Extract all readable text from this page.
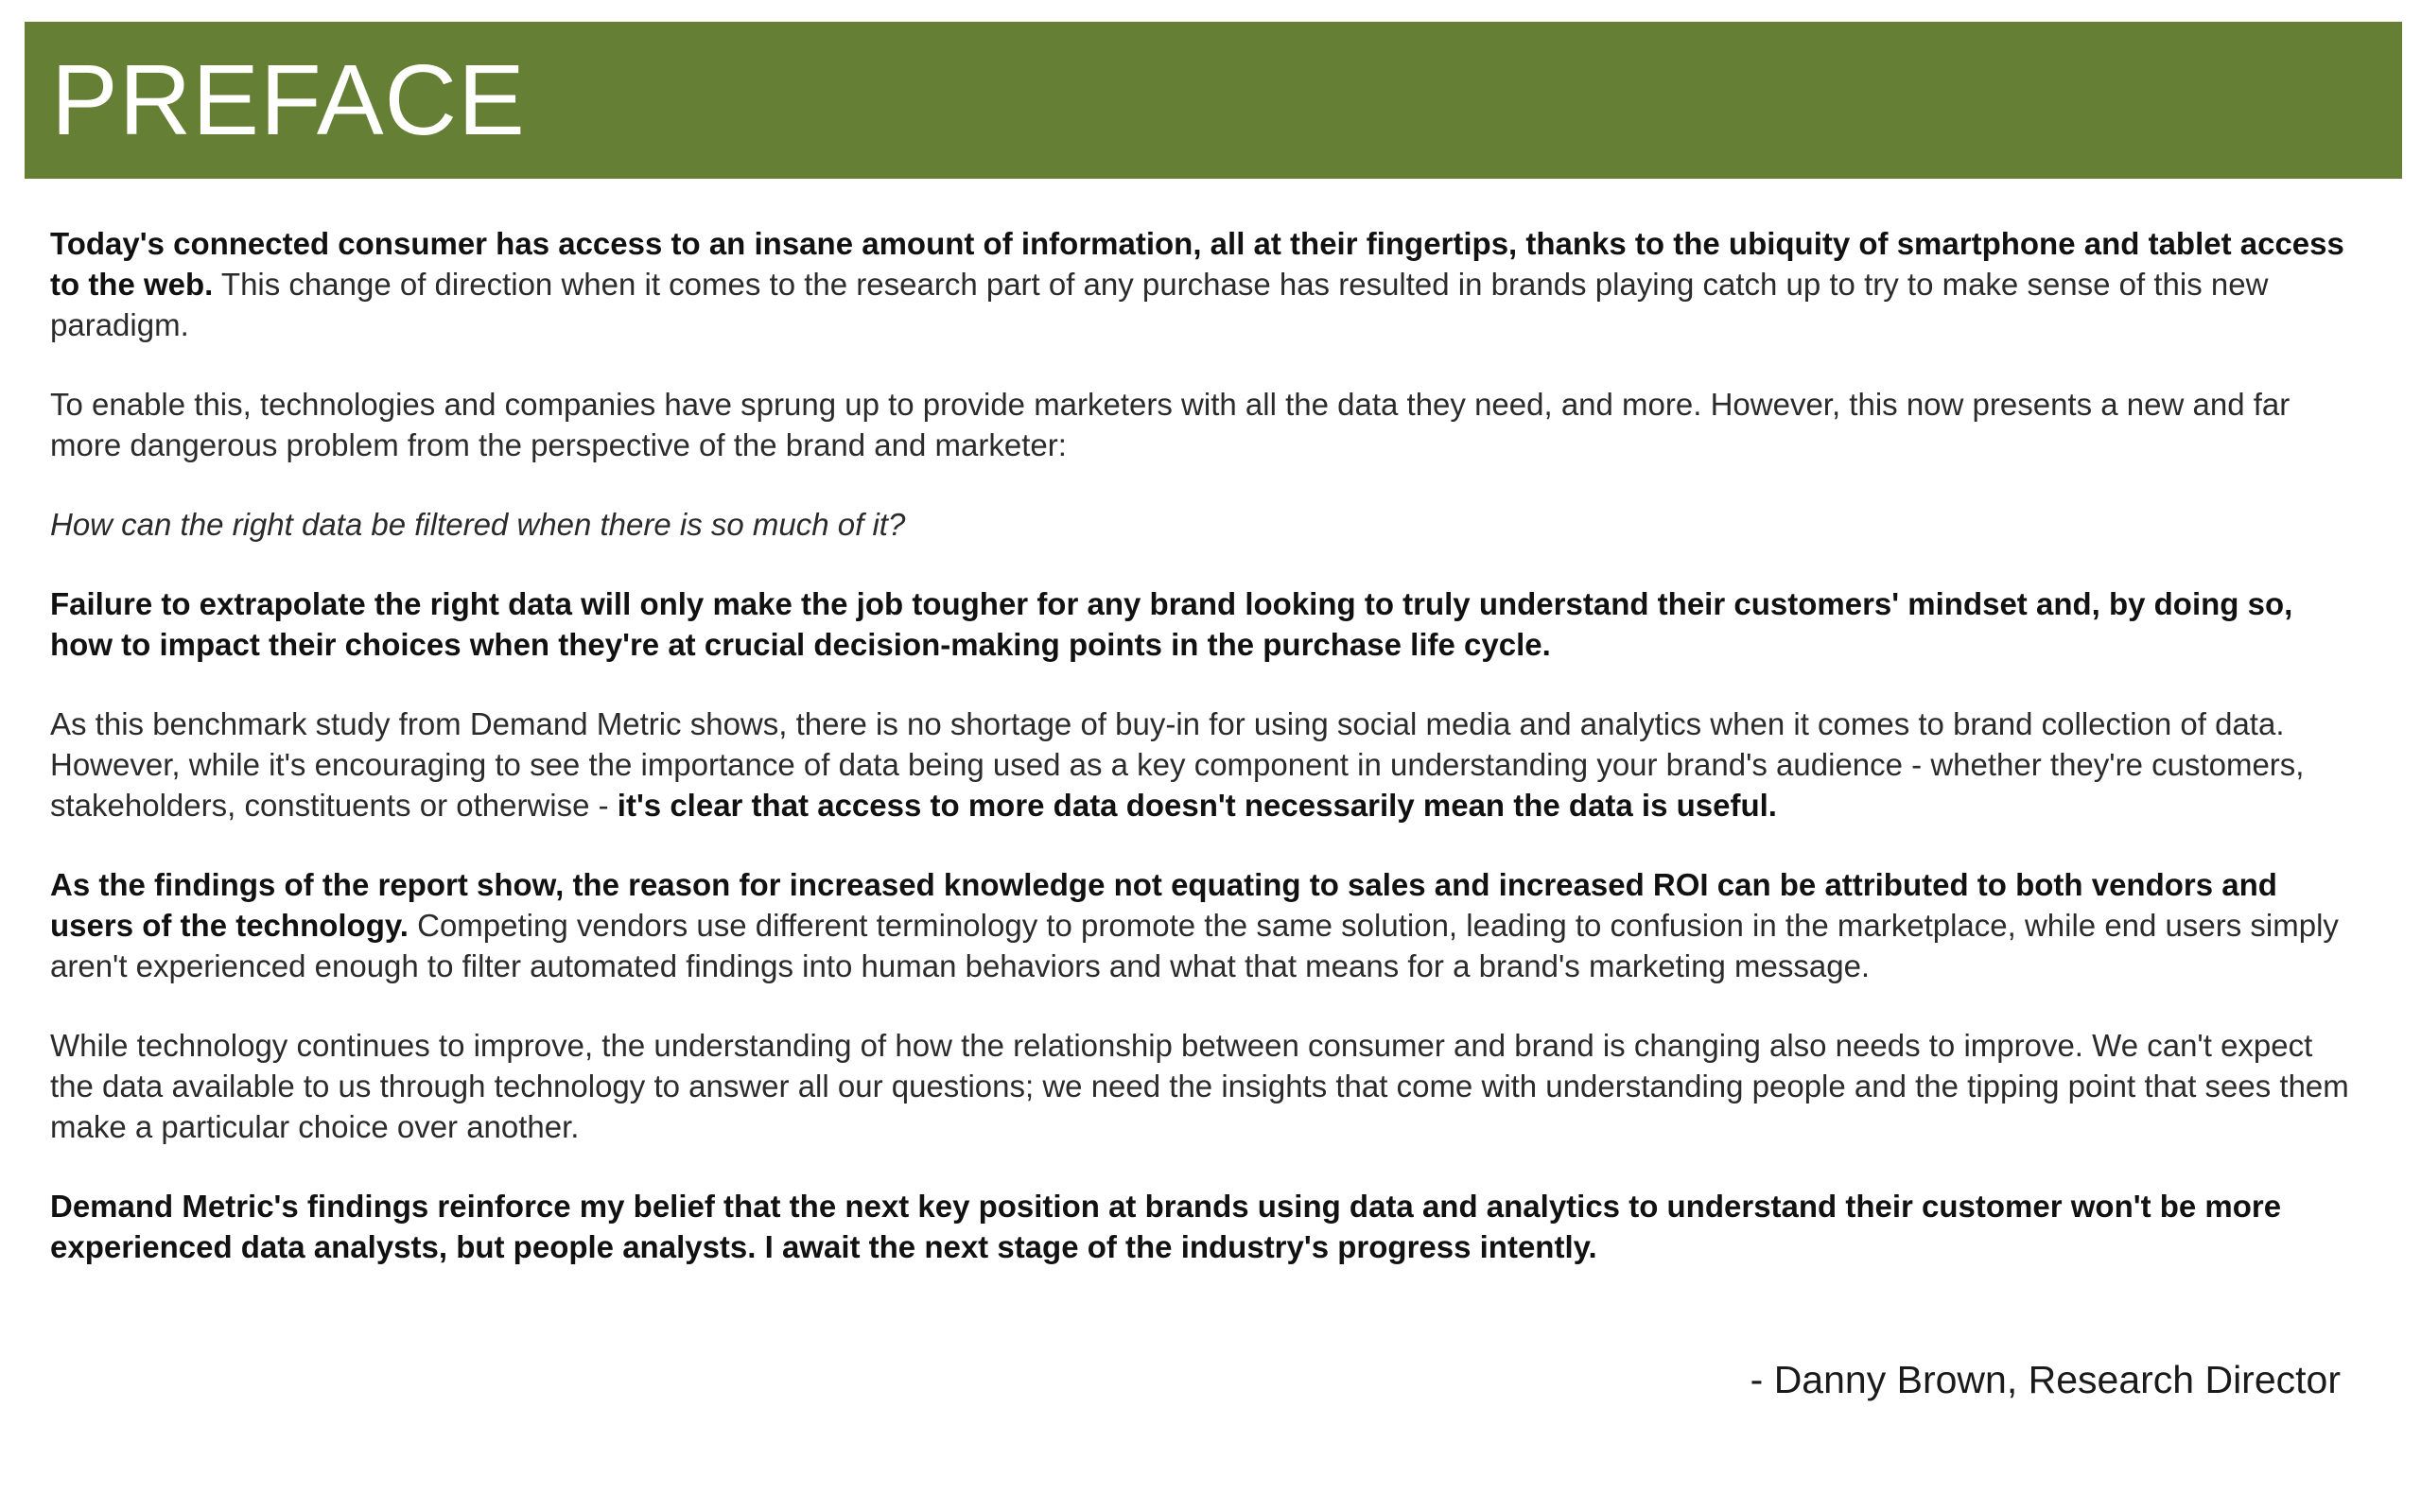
PREFACE

Today's connected consumer has access to an insane amount of information, all at their fingertips, thanks to the ubiquity of smartphone and tablet access to the web. This change of direction when it comes to the research part of any purchase has resulted in brands playing catch up to try to make sense of this new paradigm.

To enable this, technologies and companies have sprung up to provide marketers with all the data they need, and more. However, this now presents a new and far more dangerous problem from the perspective of the brand and marketer:

How can the right data be filtered when there is so much of it?

Failure to extrapolate the right data will only make the job tougher for any brand looking to truly understand their customers' mindset and, by doing so, how to impact their choices when they're at crucial decision-making points in the purchase life cycle.

As this benchmark study from Demand Metric shows, there is no shortage of buy-in for using social media and analytics when it comes to brand collection of data. However, while it's encouraging to see the importance of data being used as a key component in understanding your brand's audience - whether they're customers, stakeholders, constituents or otherwise - it's clear that access to more data doesn't necessarily mean the data is useful.

As the findings of the report show, the reason for increased knowledge not equating to sales and increased ROI can be attributed to both vendors and users of the technology. Competing vendors use different terminology to promote the same solution, leading to confusion in the marketplace, while end users simply aren't experienced enough to filter automated findings into human behaviors and what that means for a brand's marketing message.

While technology continues to improve, the understanding of how the relationship between consumer and brand is changing also needs to improve. We can't expect the data available to us through technology to answer all our questions; we need the insights that come with understanding people and the tipping point that sees them make a particular choice over another.

Demand Metric's findings reinforce my belief that the next key position at brands using data and analytics to understand their customer won't be more experienced data analysts, but people analysts. I await the next stage of the industry's progress intently.

- Danny Brown, Research Director
